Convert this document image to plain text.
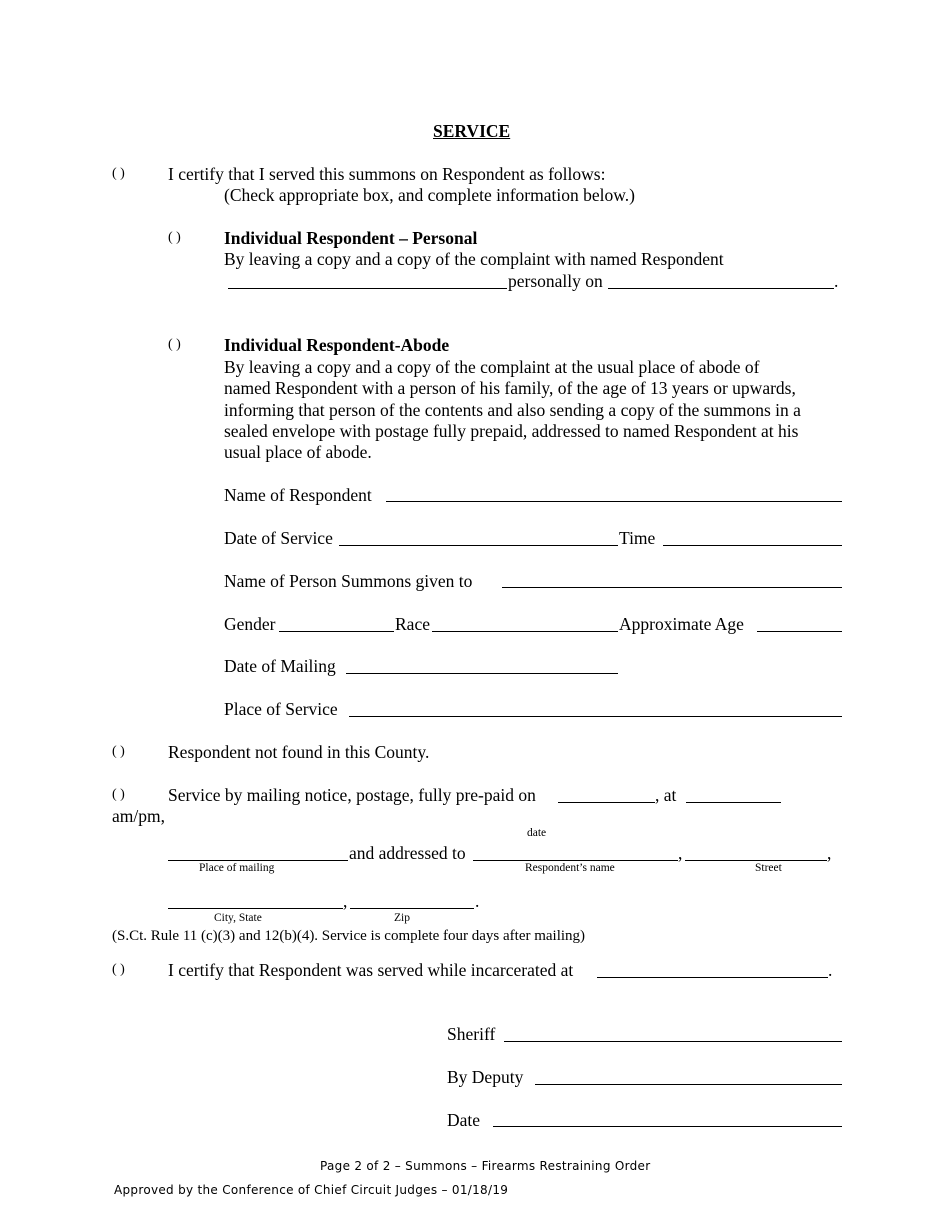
SERVICE
( ) I certify that I served this summons on Respondent as follows:
(Check appropriate box, and complete information below.)
( ) Individual Respondent – Personal
By leaving a copy and a copy of the complaint with named Respondent
personally on	.
( ) Individual Respondent-Abode
By leaving a copy and a copy of the complaint at the usual place of abode of
named Respondent with a person of his family, of the age of 13 years or upwards,
informing that person of the contents and also sending a copy of the summons in a
sealed envelope with postage fully prepaid, addressed to named Respondent at his
usual place of abode.
Name of Respondent
Date of Service	Time
Name of Person Summons given to
Gender	Race	Approximate Age
Date of Mailing
Place of Service
( ) Respondent not found in this County.
( ) Service by mailing notice, postage, fully pre-paid on	, at
am/pm,
date
and addressed to	,	,
Place of mailing	Respondent’s name	Street
,	.
City, State	Zip
(S.Ct. Rule 11 (c)(3) and 12(b)(4). Service is complete four days after mailing)
( ) I certify that Respondent was served while incarcerated at	.
Sheriff
By Deputy
Date
Page 2 of 2 – Summons – Firearms Restraining Order
Approved by the Conference of Chief Circuit Judges – 01/18/19
